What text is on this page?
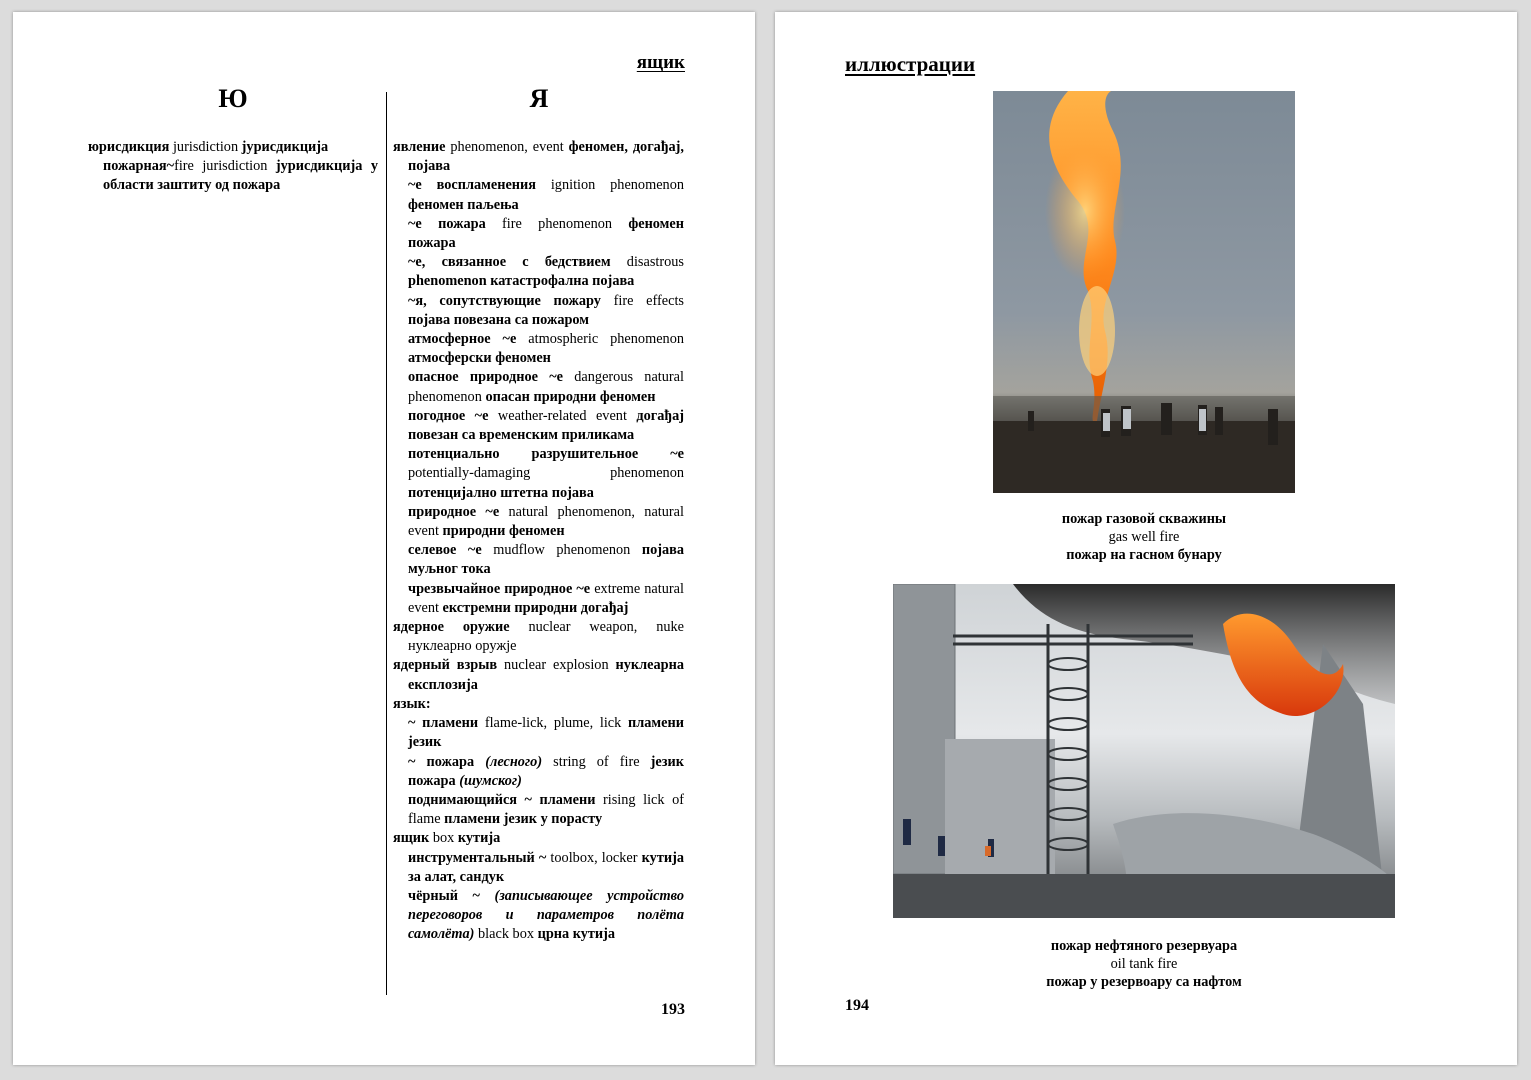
ящик
Ю	Я
юрисдикция jurisdiction јурисдикција
пожарная~fire jurisdiction јурисдикција у области заштиту од пожара
явление phenomenon, event феномен, догађај, појава
~е воспламенения ignition phenomenon феномен паљења
~е пожара fire phenomenon феномен пожара
~е, связанное с бедствием disastrous phenomenon катастрофална појава
~я, сопутствующие пожару fire effects појава повезана са пожаром
атмосферное ~е atmospheric phenomenon атмосферски феномен
опасное природное ~е dangerous natural phenomenon опасан природни феномен
погодное ~е weather-related event догађај повезан са временским приликама
потенциально разрушительное ~е potentially-damaging phenomenon потенцијално штетна појава
природное ~е natural phenomenon, natural event природни феномен
селевое ~е mudflow phenomenon појава муљног тока
чрезвычайное природное ~е extreme natural event екстремни природни догађај
ядерное оружие nuclear weapon, nuke нуклеарно оружје
ядерный взрыв nuclear explosion нуклеарна експлозија
язык:
~ пламени flame-lick, plume, lick пламени језик
~ пожара (лесного) string of fire језик пожара (шумског)
поднимающийся ~ пламени rising lick of flame пламени језик у порасту
ящик box кутија
инструментальный ~ toolbox, locker кутија за алат, сандук
чёрный ~ (записывающее устройство переговоров и параметров полёта самолёта) black box црна кутија
193
иллюстрации
пожар газовой скважины
gas well fire
пожар на гасном бунару
пожар нефтяного резервуара
oil tank fire
пожар у резервоару са нафтом
194
